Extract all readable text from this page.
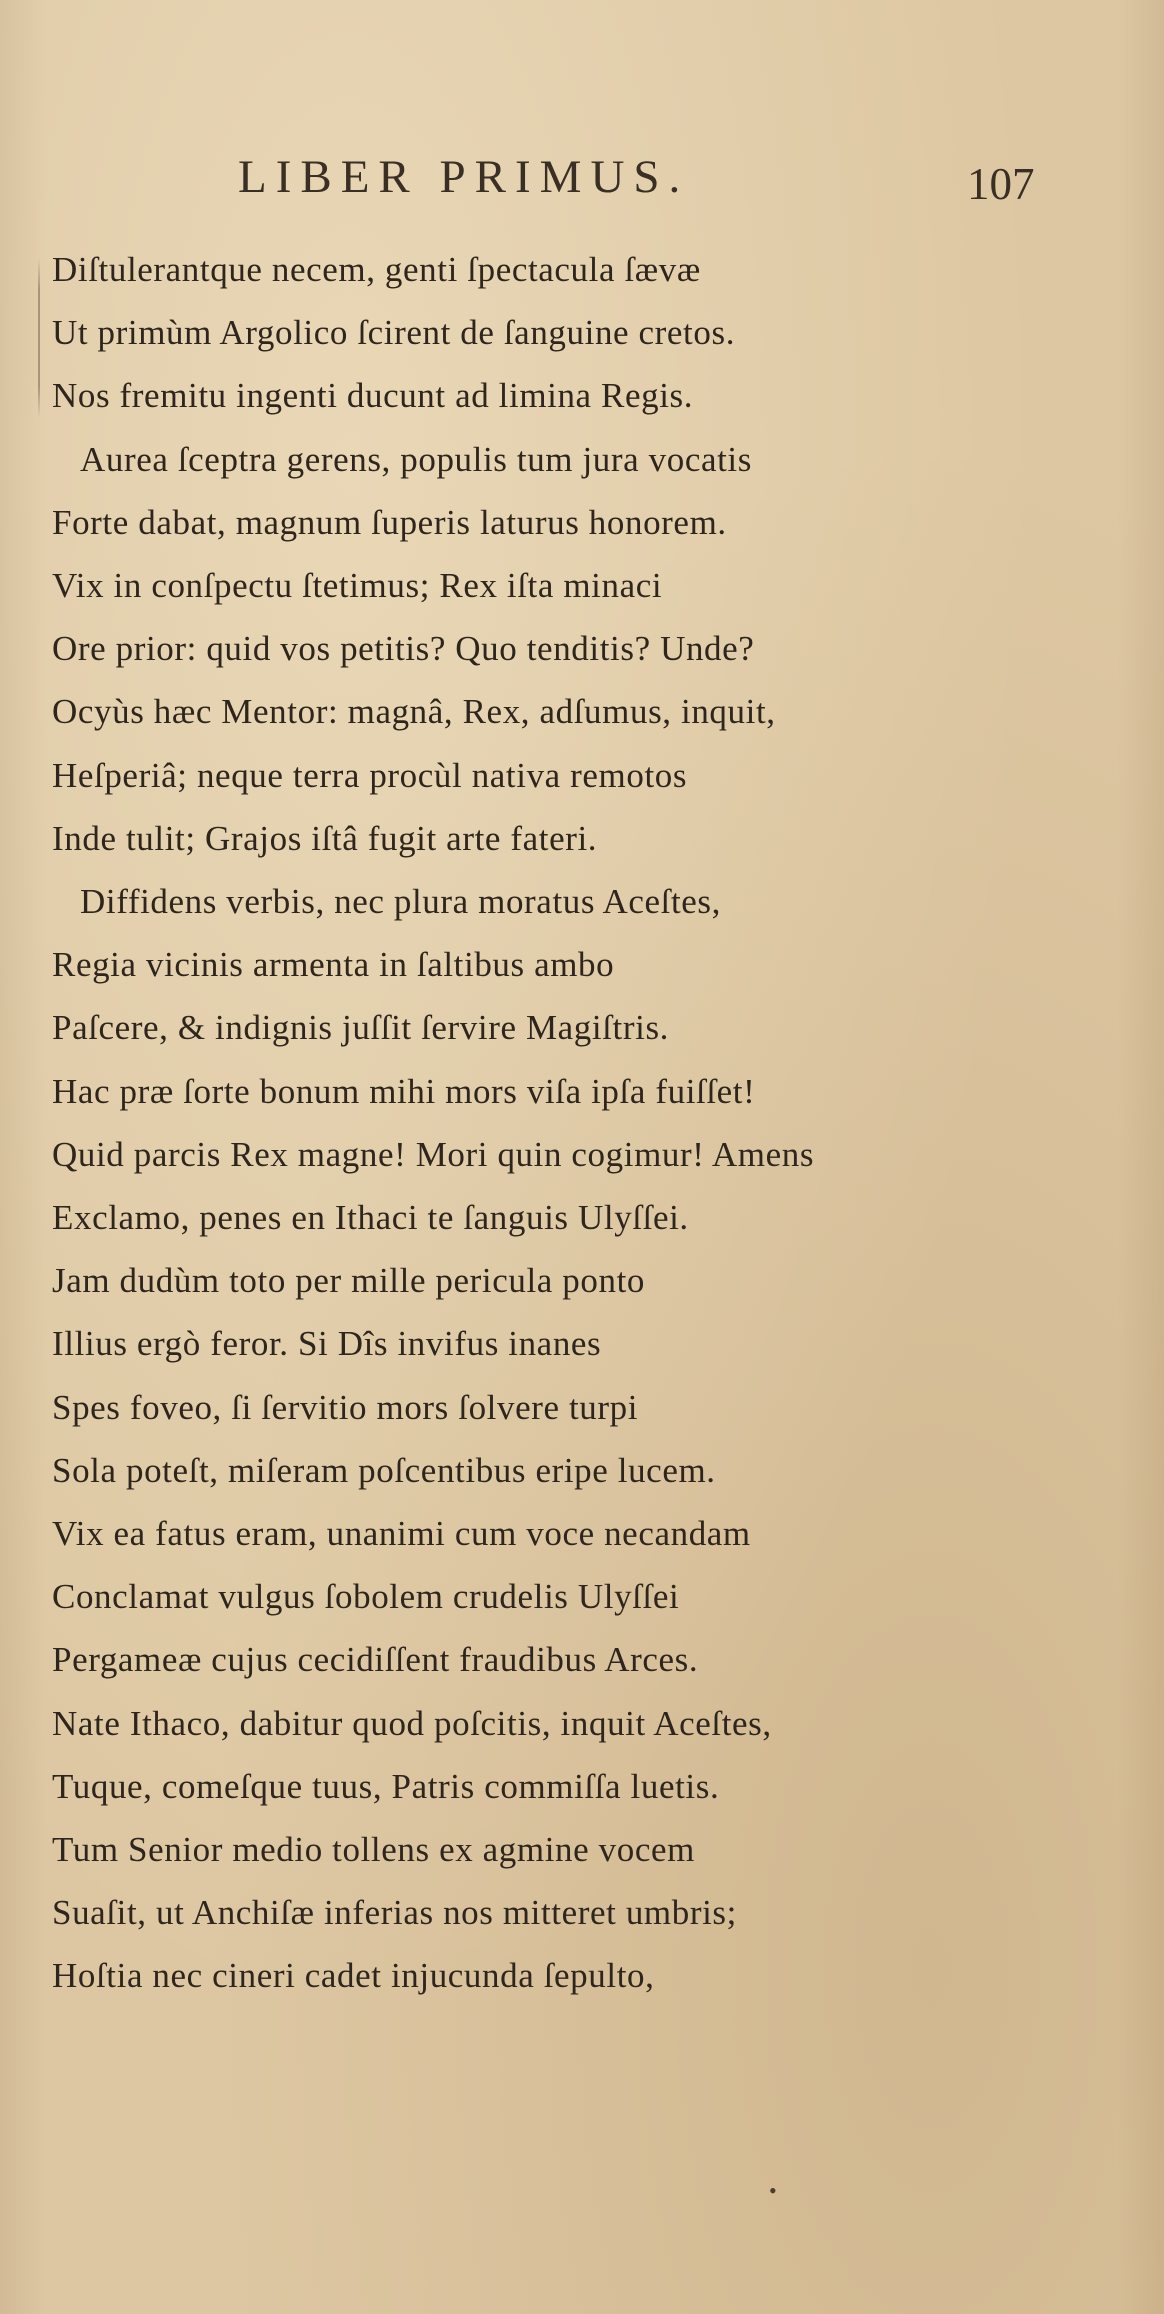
LIBER PRIMUS.	107
Diſtulerantque necem, genti ſpectacula ſævæ
Ut primùm Argolico ſcirent de ſanguine cretos.
Nos fremitu ingenti ducunt ad limina Regis.
Aurea ſceptra gerens, populis tum jura vocatis
Forte dabat, magnum ſuperis laturus honorem.
Vix in conſpectu ſtetimus; Rex iſta minaci
Ore prior: quid vos petitis? Quo tenditis? Unde?
Ocyùs hæc Mentor: magnâ, Rex, adſumus, inquit,
Heſperiâ; neque terra procùl nativa remotos
Inde tulit; Grajos iſtâ fugit arte fateri.
Diffidens verbis, nec plura moratus Aceſtes,
Regia vicinis armenta in ſaltibus ambo
Paſcere, & indignis juſſit ſervire Magiſtris.
Hac præ ſorte bonum mihi mors viſa ipſa fuiſſet!
Quid parcis Rex magne! Mori quin cogimur! Amens
Exclamo, penes en Ithaci te ſanguis Ulyſſei.
Jam dudùm toto per mille pericula ponto
Illius ergò feror. Si Dîs invifus inanes
Spes foveo, ſi ſervitio mors ſolvere turpi
Sola poteſt, miſeram poſcentibus eripe lucem.
Vix ea fatus eram, unanimi cum voce necandam
Conclamat vulgus ſobolem crudelis Ulyſſei
Pergameæ cujus cecidiſſent fraudibus Arces.
Nate Ithaco, dabitur quod poſcitis, inquit Aceſtes,
Tuque, comeſque tuus, Patris commiſſa luetis.
Tum Senior medio tollens ex agmine vocem
Suaſit, ut Anchiſæ inferias nos mitteret umbris;
Hoſtia nec cineri cadet injucunda ſepulto,
•
